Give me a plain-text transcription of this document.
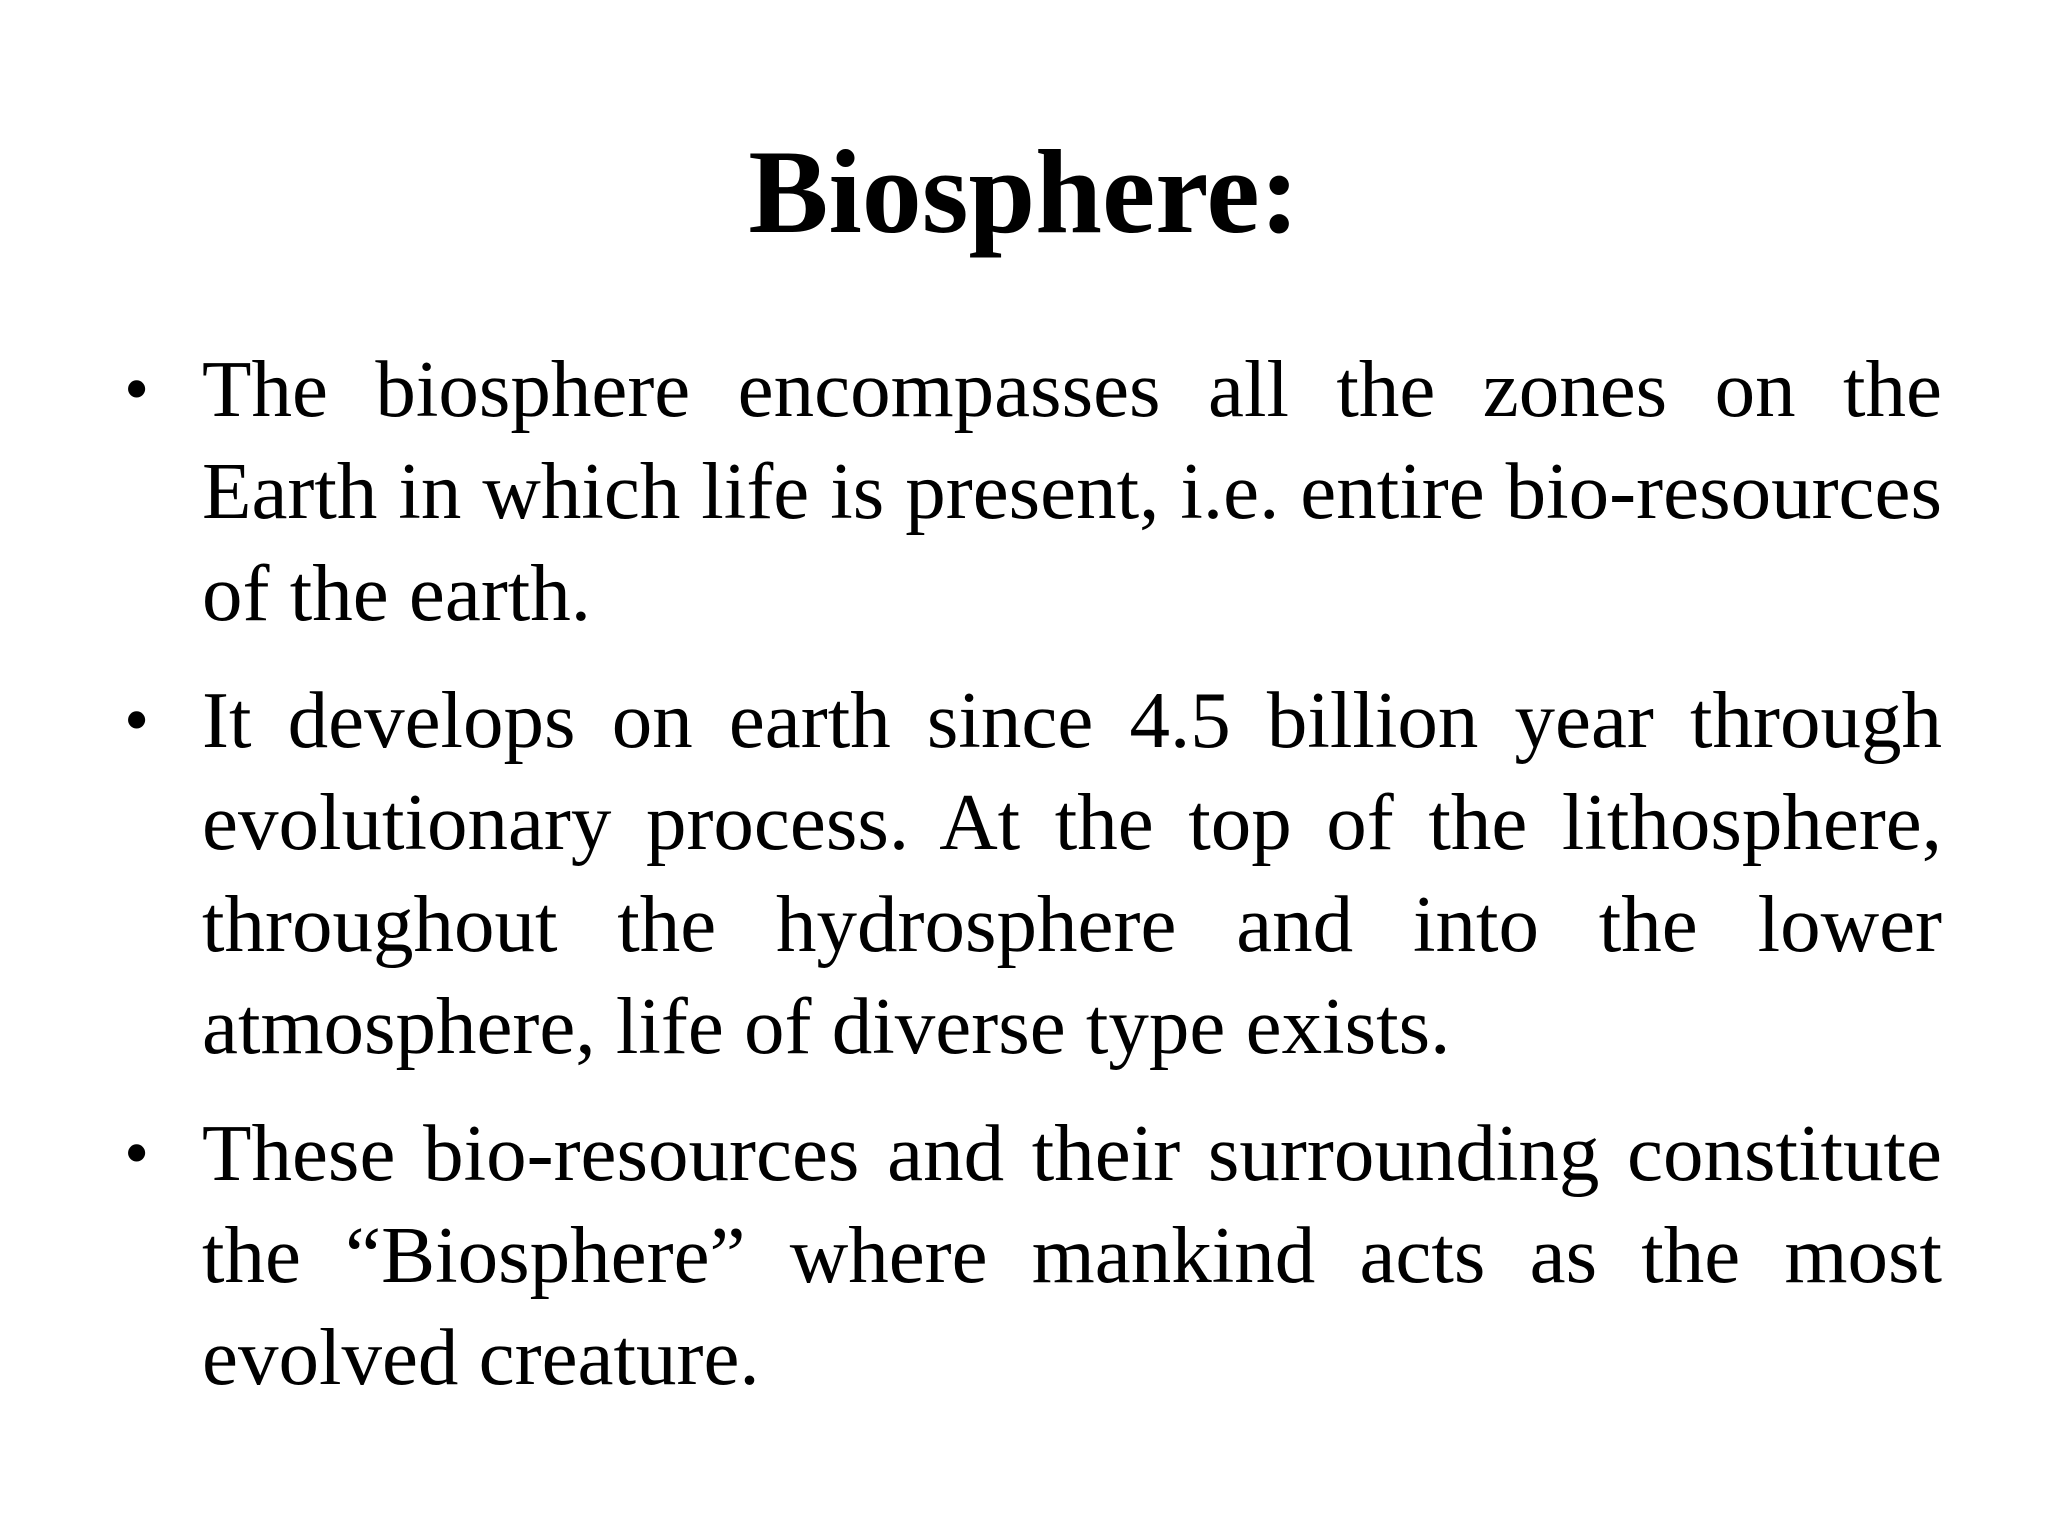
Biosphere:
• The biosphere encompasses all the zones on the Earth in which life is present, i.e. entire bio-resources of the earth.
• It develops on earth since 4.5 billion year through evolutionary process. At the top of the lithosphere, throughout the hydrosphere and into the lower atmosphere, life of diverse type exists.
• These bio-resources and their surrounding constitute the “Biosphere” where mankind acts as the most evolved creature.
